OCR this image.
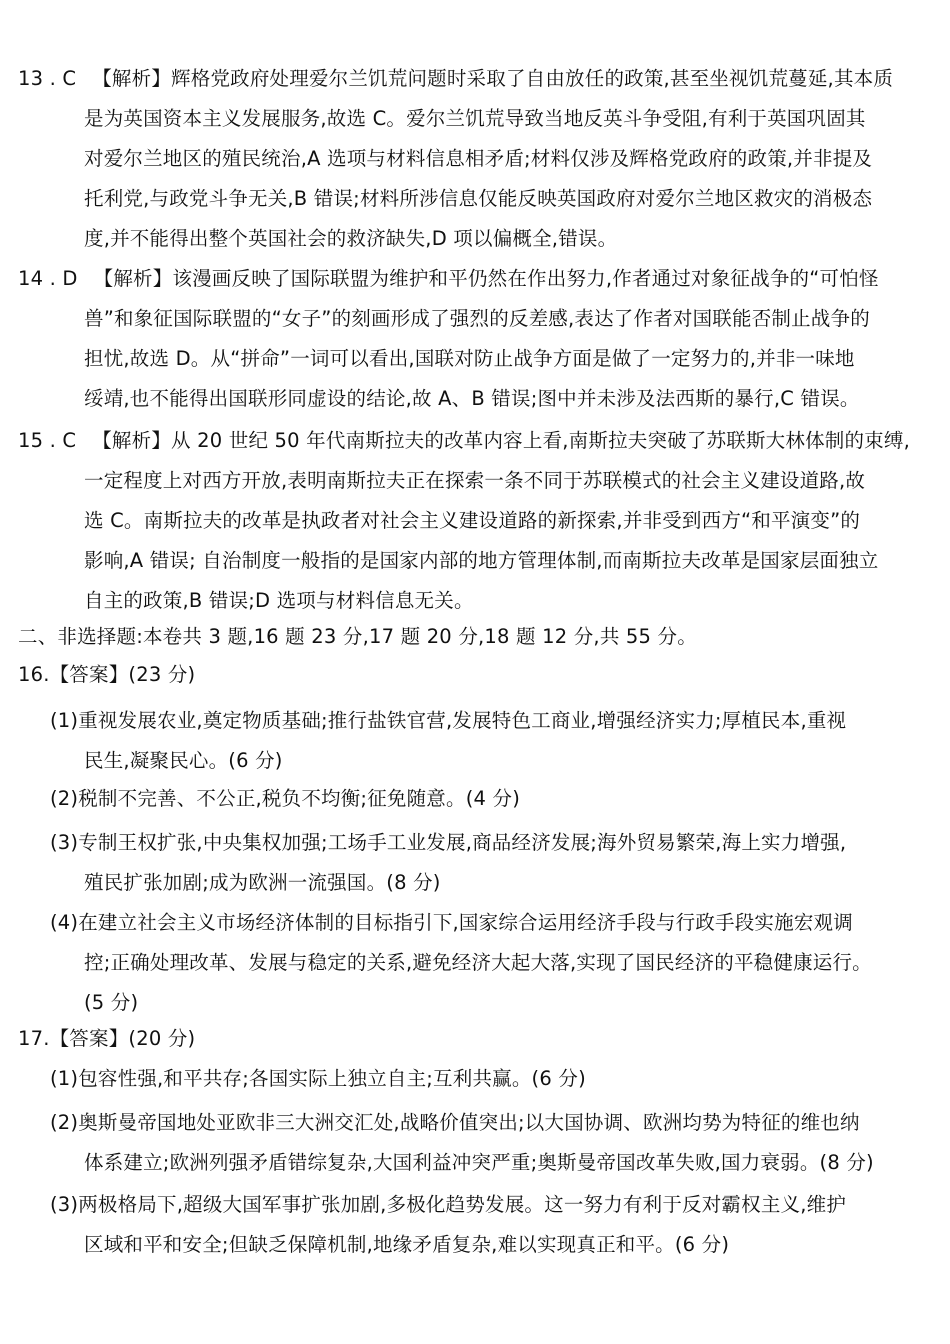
13 . C 【解析】辉格党政府处理爱尔兰饥荒问题时采取了自由放任的政策,甚至坐视饥荒蔓延,其本质
是为英国资本主义发展服务,故选 C。爱尔兰饥荒导致当地反英斗争受阻,有利于英国巩固其
对爱尔兰地区的殖民统治,A 选项与材料信息相矛盾;材料仅涉及辉格党政府的政策,并非提及
托利党,与政党斗争无关,B 错误;材料所涉信息仅能反映英国政府对爱尔兰地区救灾的消极态
度,并不能得出整个英国社会的救济缺失,D 项以偏概全,错误。
14 . D 【解析】该漫画反映了国际联盟为维护和平仍然在作出努力,作者通过对象征战争的“可怕怪
兽”和象征国际联盟的“女子”的刻画形成了强烈的反差感,表达了作者对国联能否制止战争的
担忧,故选 D。从“拼命”一词可以看出,国联对防止战争方面是做了一定努力的,并非一味地
绥靖,也不能得出国联形同虚设的结论,故 A、B 错误;图中并未涉及法西斯的暴行,C 错误。
15 . C 【解析】从 20 世纪 50 年代南斯拉夫的改革内容上看,南斯拉夫突破了苏联斯大林体制的束缚,
一定程度上对西方开放,表明南斯拉夫正在探索一条不同于苏联模式的社会主义建设道路,故
选 C。南斯拉夫的改革是执政者对社会主义建设道路的新探索,并非受到西方“和平演变”的
影响,A 错误; 自治制度一般指的是国家内部的地方管理体制,而南斯拉夫改革是国家层面独立
自主的政策,B 错误;D 选项与材料信息无关。
二、非选择题:本卷共 3 题,16 题 23 分,17 题 20 分,18 题 12 分,共 55 分。
16.【答案】(23 分)
(1)重视发展农业,奠定物质基础;推行盐铁官营,发展特色工商业,增强经济实力;厚植民本,重视
民生,凝聚民心。(6 分)
(2)税制不完善、不公正,税负不均衡;征免随意。(4 分)
(3)专制王权扩张,中央集权加强;工场手工业发展,商品经济发展;海外贸易繁荣,海上实力增强,
殖民扩张加剧;成为欧洲一流强国。(8 分)
(4)在建立社会主义市场经济体制的目标指引下,国家综合运用经济手段与行政手段实施宏观调
控;正确处理改革、发展与稳定的关系,避免经济大起大落,实现了国民经济的平稳健康运行。
(5 分)
17.【答案】(20 分)
(1)包容性强,和平共存;各国实际上独立自主;互利共赢。(6 分)
(2)奥斯曼帝国地处亚欧非三大洲交汇处,战略价值突出;以大国协调、欧洲均势为特征的维也纳
体系建立;欧洲列强矛盾错综复杂,大国利益冲突严重;奥斯曼帝国改革失败,国力衰弱。(8 分)
(3)两极格局下,超级大国军事扩张加剧,多极化趋势发展。这一努力有利于反对霸权主义,维护
区域和平和安全;但缺乏保障机制,地缘矛盾复杂,难以实现真正和平。(6 分)
